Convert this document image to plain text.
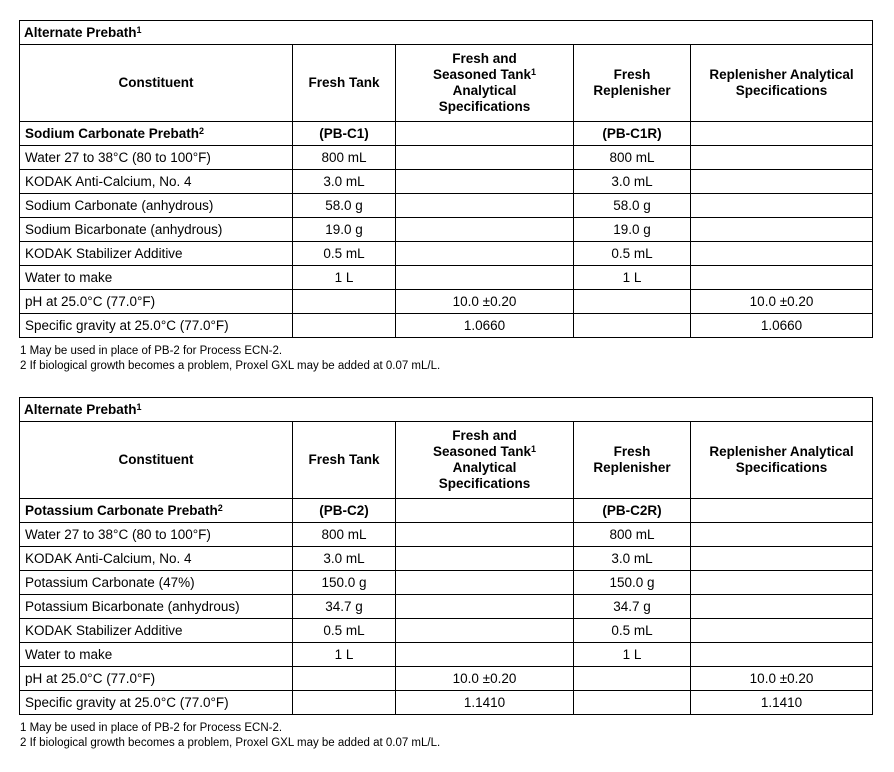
Alternate Prebath$^1$
Constituent	Fresh Tank	Fresh and Seasoned Tank$^1$ Analytical Specifications	Fresh Replenisher	Replenisher Analytical Specifications

Sodium Carbonate Prebath$^2$	(PB-C1)		(PB-C1R)	
Water 27 to 38°C (80 to 100°F)	800 mL		800 mL	
KODAK Anti-Calcium, No. 4	3.0 mL		3.0 mL	
Sodium Carbonate (anhydrous)	58.0 g		58.0 g	
Sodium Bicarbonate (anhydrous)	19.0 g		19.0 g	
KODAK Stabilizer Additive	0.5 mL		0.5 mL	
Water to make	1 L		1 L	
pH at 25.0°C (77.0°F)		10.0 ±0.20		10.0 ±0.20
Specific gravity at 25.0°C (77.0°F)		1.0660		1.0660
1 May be used in place of PB-2 for Process ECN-2.
2 If biological growth becomes a problem, Proxel GXL may be added at 0.07 mL/L.
Alternate Prebath$^1$
Constituent	Fresh Tank	Fresh and Seasoned Tank$^1$ Analytical Specifications	Fresh Replenisher	Replenisher Analytical Specifications

Potassium Carbonate Prebath$^2$	(PB-C2)		(PB-C2R)	
Water 27 to 38°C (80 to 100°F)	800 mL		800 mL	
KODAK Anti-Calcium, No. 4	3.0 mL		3.0 mL	
Potassium Carbonate (47%)	150.0 g		150.0 g	
Potassium Bicarbonate (anhydrous)	34.7 g		34.7 g	
KODAK Stabilizer Additive	0.5 mL		0.5 mL	
Water to make	1 L		1 L	
pH at 25.0°C (77.0°F)		10.0 ±0.20		10.0 ±0.20
Specific gravity at 25.0°C (77.0°F)		1.1410		1.1410
1 May be used in place of PB-2 for Process ECN-2.
2 If biological growth becomes a problem, Proxel GXL may be added at 0.07 mL/L.
